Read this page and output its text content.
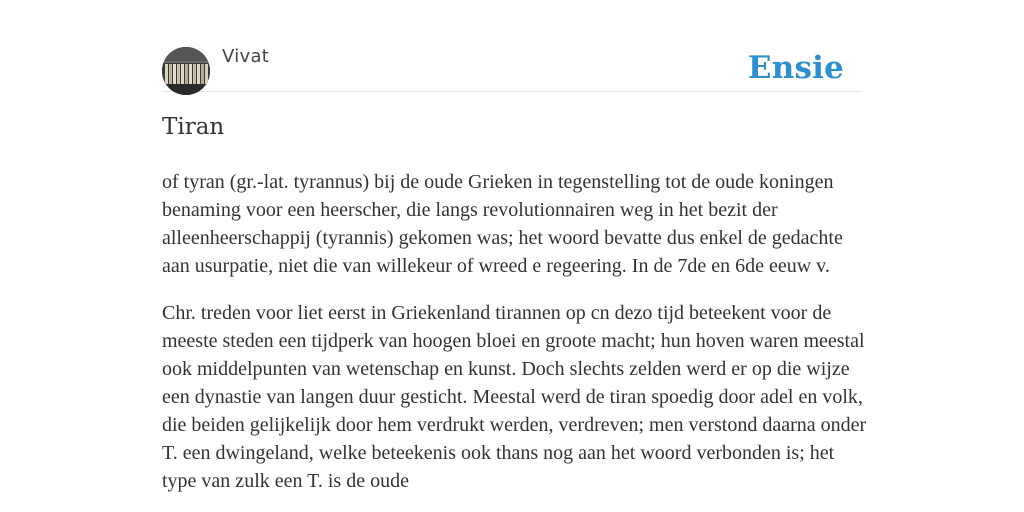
Vivat	Ensie
Tiran

of tyran (gr.-lat. tyrannus) bij de oude Grieken in tegenstelling tot de oude koningen benaming voor een heerscher, die langs revolutionnairen weg in het bezit der alleenheerschappij (tyrannis) gekomen was; het woord bevatte dus enkel de gedachte aan usurpatie, niet die van willekeur of wreed e regeering. In de 7de en 6de eeuw v.

Chr. treden voor liet eerst in Griekenland tirannen op cn dezo tijd beteekent voor de meeste steden een tijdperk van hoogen bloei en groote macht; hun hoven waren meestal ook middelpunten van wetenschap en kunst. Doch slechts zelden werd er op die wijze een dynastie van langen duur gesticht. Meestal werd de tiran spoedig door adel en volk, die beiden gelijkelijk door hem verdrukt werden, verdreven; men verstond daarna onder T. een dwingeland, welke beteekenis ook thans nog aan het woord verbonden is; het type van zulk een T. is de oude
